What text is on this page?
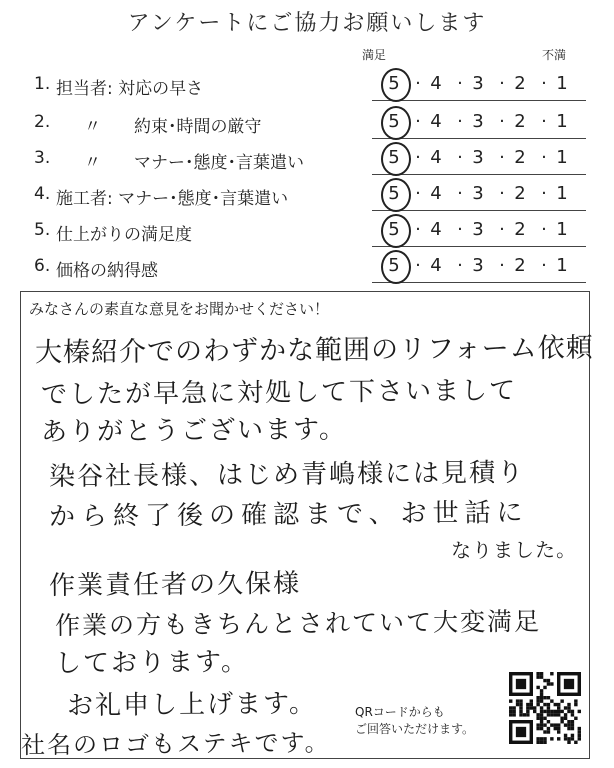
アンケートにご協力お願いします
満足	不満
1. 担当者: 対応の早さ	5 4 3 2 1
· · · ·
2. 〃 約束･時間の厳守	5 4 3 2 1
· · · ·
3. 〃 マナー･態度･言葉遣い	5 4 3 2 1
· · · ·
4. 施工者: マナー･態度･言葉遣い	5 4 3 2 1
· · · ·
5. 仕上がりの満足度	5 4 3 2 1
· · · ·
6. 価格の納得感	5 4 3 2 1
· · · ·
みなさんの素直な意見をお聞かせください！
大榛紹介でのわずかな範囲のリフォーム依頼
でしたが早急に対処して下さいまして
ありがとうございます。
染谷社長様、はじめ青嶋様には見積り
から終了後の確認まで、お世話に
なりました。
作業責任者の久保様
作業の方もきちんとされていて大変満足
しております。
お礼申し上げます。
社名のロゴもステキです。
QRコードからも
ご回答いただけます。
